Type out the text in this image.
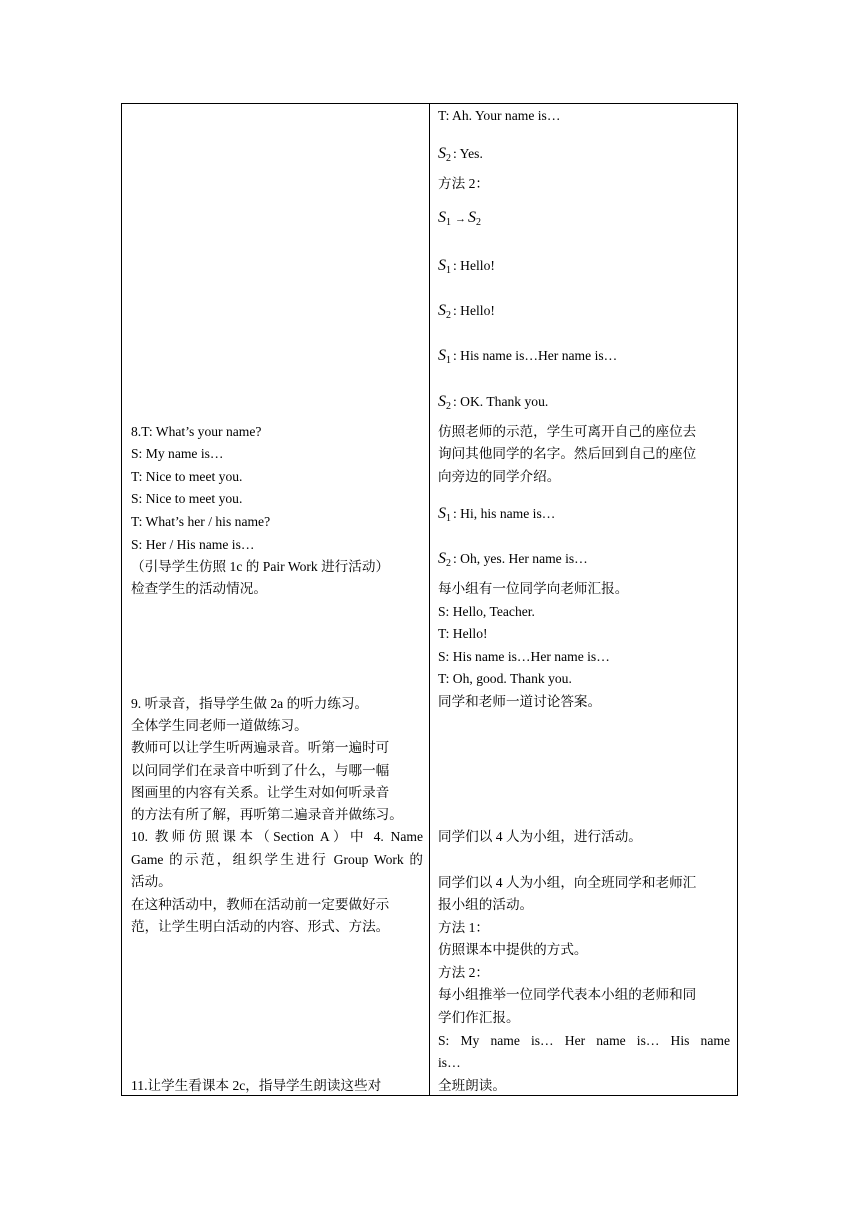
8.T: What’s your name?
S: My name is…
T: Nice to meet you.
S: Nice to meet you.
T: What’s her / his name?
S: Her / His name is…
（引导学生仿照 1c 的 Pair Work 进行活动）
检查学生的活动情况。
9. 听录音，指导学生做 2a 的听力练习。
全体学生同老师一道做练习。
教师可以让学生听两遍录音。听第一遍时可
以问同学们在录音中听到了什么，与哪一幅
图画里的内容有关系。让学生对如何听录音
的方法有所了解，再听第二遍录音并做练习。
10. 教师仿照课本（Section A）中 4. Name
Game 的示范，组织学生进行 Group Work 的
活动。
在这种活动中，教师在活动前一定要做好示
范，让学生明白活动的内容、形式、方法。
11.让学生看课本 2c，指导学生朗读这些对
T: Ah. Your name is…
$S_2$ : Yes.
方法 2：
$S_1 \to S_2$
$S_1$ : Hello!
$S_2$ : Hello!
$S_1$ : His name is…Her name is…
$S_2$ : OK. Thank you.
仿照老师的示范，学生可离开自己的座位去
询问其他同学的名字。然后回到自己的座位
向旁边的同学介绍。
$S_1$ : Hi, his name is…
$S_2$ : Oh, yes. Her name is…
每小组有一位同学向老师汇报。
S: Hello, Teacher.
T: Hello!
S: His name is…Her name is…
T: Oh, good. Thank you.
同学和老师一道讨论答案。
同学们以 4 人为小组，进行活动。
同学们以 4 人为小组，向全班同学和老师汇
报小组的活动。
方法 1：
仿照课本中提供的方式。
方法 2：
每小组推举一位同学代表本小组的老师和同
学们作汇报。
S: My name is… Her name is… His name
is…
全班朗读。
